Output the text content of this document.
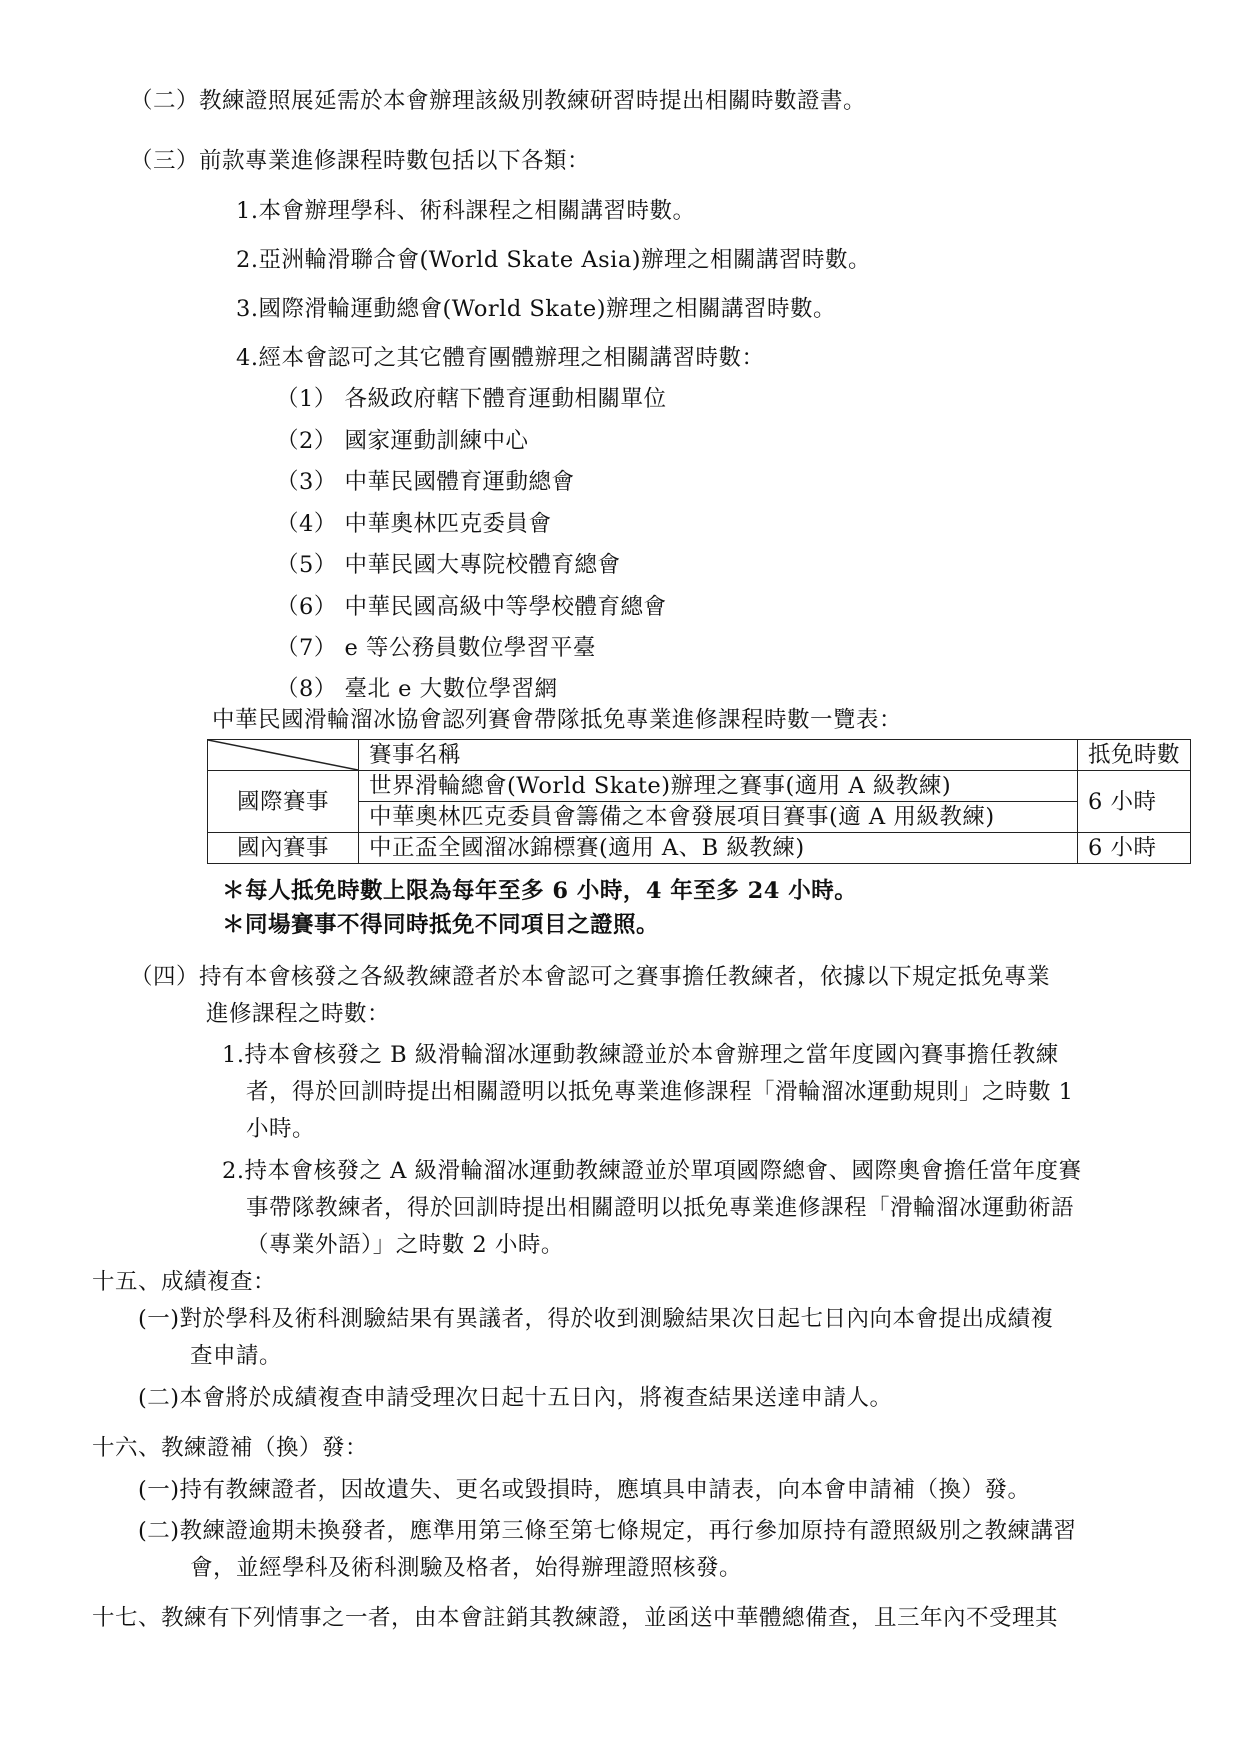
（二）教練證照展延需於本會辦理該級別教練研習時提出相關時數證書。
（三）前款專業進修課程時數包括以下各類：
1.本會辦理學科、術科課程之相關講習時數。
2.亞洲輪滑聯合會(World Skate Asia)辦理之相關講習時數。
3.國際滑輪運動總會(World Skate)辦理之相關講習時數。
4.經本會認可之其它體育團體辦理之相關講習時數：
（1） 各級政府轄下體育運動相關單位
（2） 國家運動訓練中心
（3） 中華民國體育運動總會
（4） 中華奧林匹克委員會
（5） 中華民國大專院校體育總會
（6） 中華民國高級中等學校體育總會
（7） e 等公務員數位學習平臺
（8） 臺北 e 大數位學習網
中華民國滑輪溜冰協會認列賽會帶隊抵免專業進修課程時數一覽表：
	賽事名稱	抵免時數
國際賽事	世界滑輪總會(World Skate)辦理之賽事(適用 A 級教練)	6 小時
	中華奧林匹克委員會籌備之本會發展項目賽事(適 A 用級教練)	
國內賽事	中正盃全國溜冰錦標賽(適用 A、B 級教練)	6 小時
＊每人抵免時數上限為每年至多 6 小時，4 年至多 24 小時。
＊同場賽事不得同時抵免不同項目之證照。
（四）持有本會核發之各級教練證者於本會認可之賽事擔任教練者，依據以下規定抵免專業
進修課程之時數：
1.持本會核發之 B 級滑輪溜冰運動教練證並於本會辦理之當年度國內賽事擔任教練
者，得於回訓時提出相關證明以抵免專業進修課程「滑輪溜冰運動規則」之時數 1
小時。
2.持本會核發之 A 級滑輪溜冰運動教練證並於單項國際總會、國際奧會擔任當年度賽
事帶隊教練者，得於回訓時提出相關證明以抵免專業進修課程「滑輪溜冰運動術語
（專業外語）」之時數 2 小時。
十五、成績複查：
(一)對於學科及術科測驗結果有異議者，得於收到測驗結果次日起七日內向本會提出成績複
查申請。
(二)本會將於成績複查申請受理次日起十五日內，將複查結果送達申請人。
十六、教練證補（換）發：
(一)持有教練證者，因故遺失、更名或毀損時，應填具申請表，向本會申請補（換）發。
(二)教練證逾期未換發者，應準用第三條至第七條規定，再行參加原持有證照級別之教練講習
會，並經學科及術科測驗及格者，始得辦理證照核發。
十七、教練有下列情事之一者，由本會註銷其教練證，並函送中華體總備查，且三年內不受理其
